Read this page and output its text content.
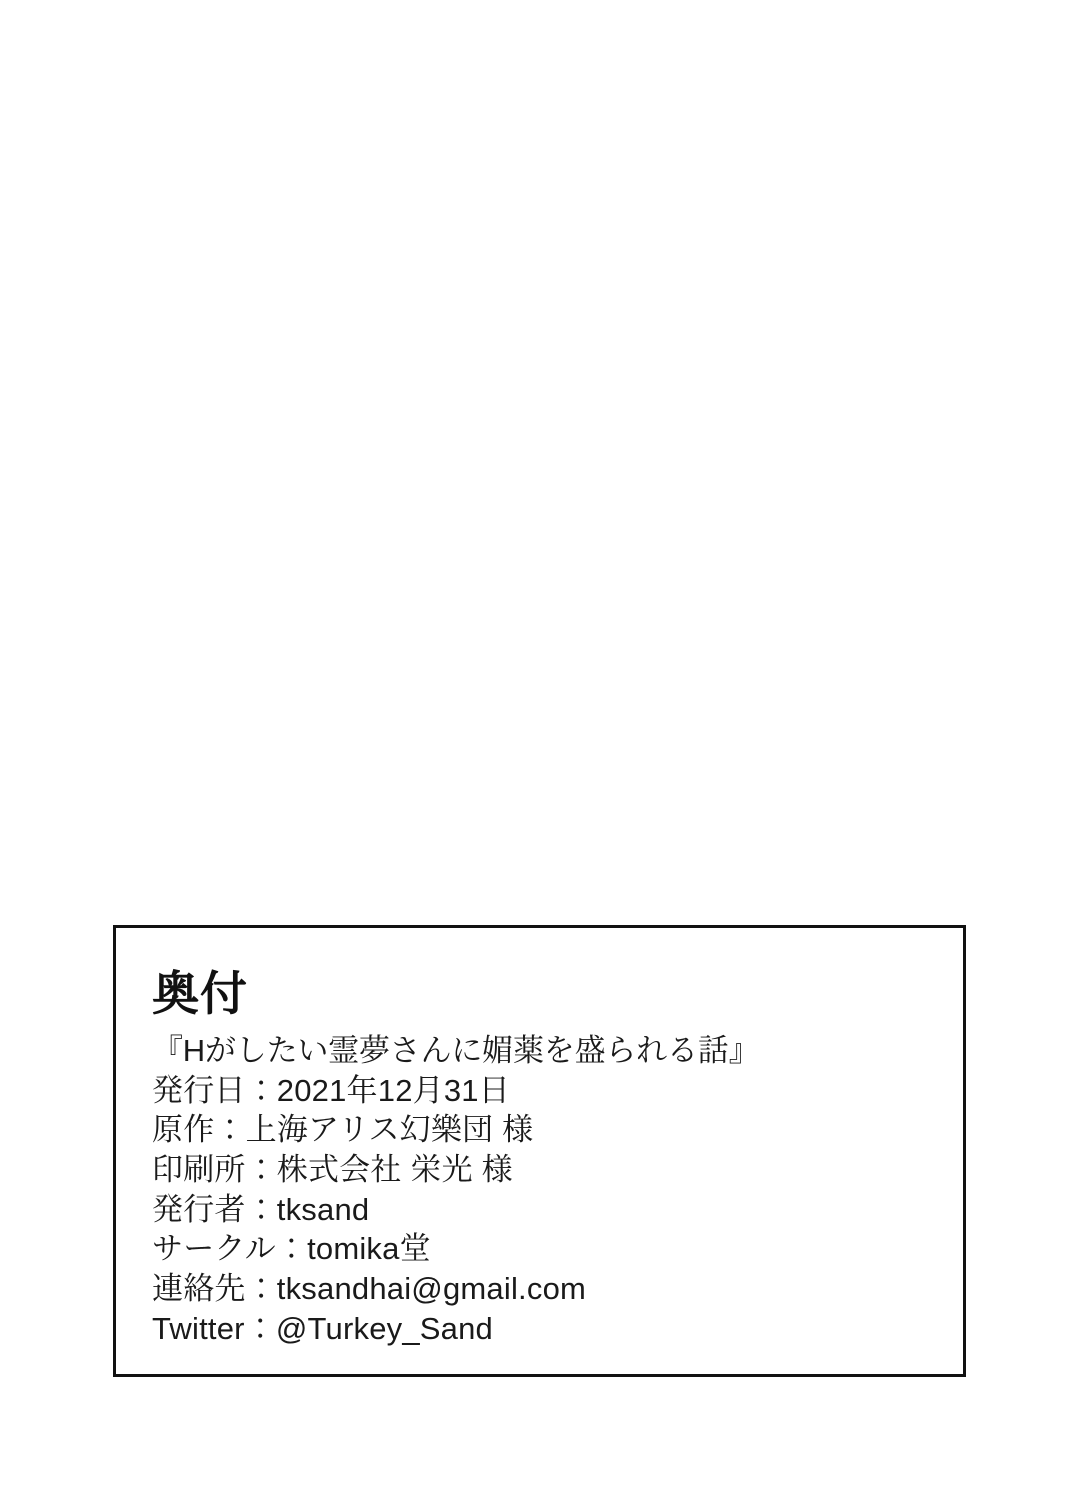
奥付
『Hがしたい霊夢さんに媚薬を盛られる話』
発行日：2021年12月31日
原作：上海アリス幻樂団 様
印刷所：株式会社 栄光 様
発行者：tksand
サークル：tomika堂
連絡先：tksandhai@gmail.com
Twitter：@Turkey_Sand
